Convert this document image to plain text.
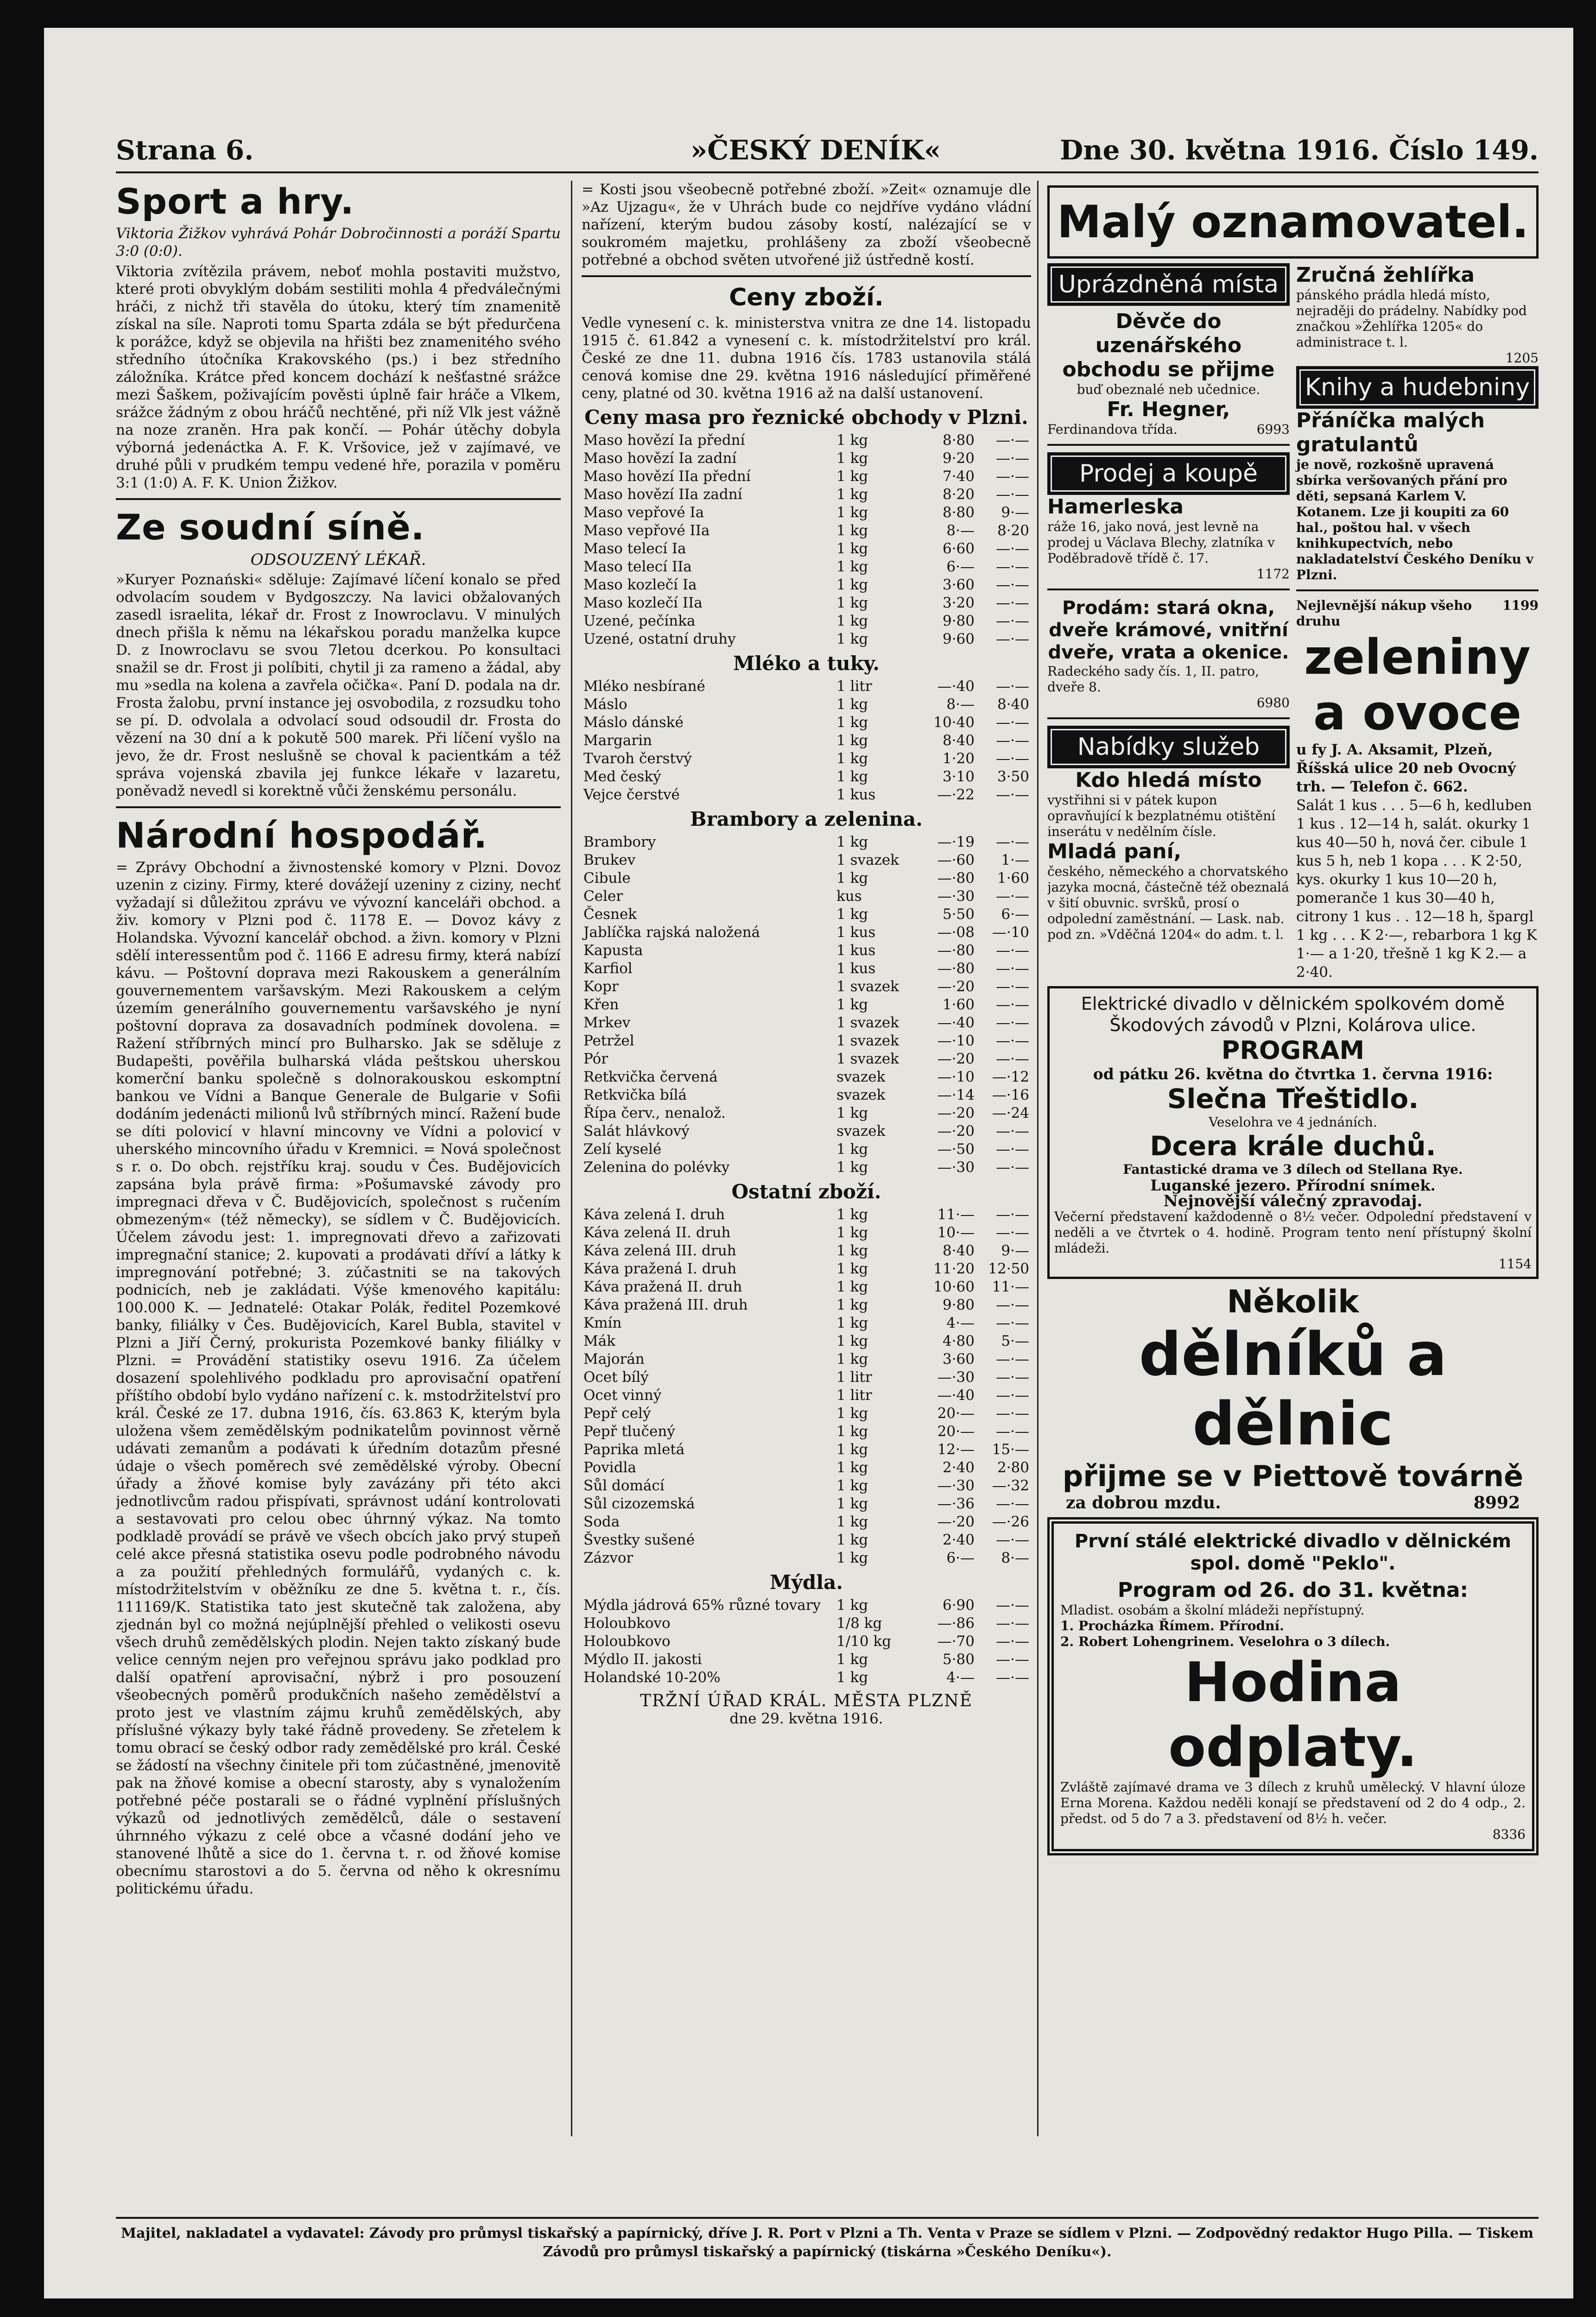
Strana 6.	»ČESKÝ DENÍK«	Dne 30. května 1916. Číslo 149.
Sport a hry.

Viktoria Žižkov vyhrává Pohár Dobročinnosti a poráží Spartu 3:0 (0:0).

Viktoria zvítězila právem, neboť mohla postaviti mužstvo, které proti obvyklým dobám sestiliti mohla 4 předválečnými hráči, z nichž tři stavěla do útoku, který tím znamenitě získal na síle. Naproti tomu Sparta zdála se být předurčena k porážce, když se objevila na hřišti bez znamenitého svého středního útočníka Krakovského (ps.) i bez středního záložníka. Krátce před koncem dochází k nešťastné srážce mezi Šaškem, poživajícím pověsti úplně fair hráče a Vlkem, srážce žádným z obou hráčů nechtěné, při níž Vlk jest vážně na noze zraněn. Hra pak končí. — Pohár útěchy dobyla výborná jedenáctka A. F. K. Vršovice, jež v zajímavé, ve druhé půli v prudkém tempu vedené hře, porazila v poměru 3:1 (1:0) A. F. K. Union Žižkov.

Ze soudní síně.
ODSOUZENÝ LÉKAŘ.

»Kuryer Poznański« sděluje: Zajímavé líčení konalo se před odvolacím soudem v Bydgoszczy. Na lavici obžalovaných zasedl israelita, lékař dr. Frost z Inowroclavu. V minulých dnech přišla k němu na lékařskou poradu manželka kupce D. z Inowroclavu se svou 7letou dcerkou. Po konsultaci snažil se dr. Frost ji políbiti, chytil ji za rameno a žádal, aby mu »sedla na kolena a zavřela očička«. Paní D. podala na dr. Frosta žalobu, první instance jej osvobodila, z rozsudku toho se pí. D. odvolala a odvolací soud odsoudil dr. Frosta do vězení na 30 dní a k pokutě 500 marek. Při líčení vyšlo na jevo, že dr. Frost neslušně se choval k pacientkám a též správa vojenská zbavila jej funkce lékaře v lazaretu, poněvadž nevedl si korektně vůči ženskému personálu.

Národní hospodář.

= Zprávy Obchodní a živnostenské komory v Plzni. Dovoz uzenin z ciziny. Firmy, které dovážejí uzeniny z ciziny, nechť vyžadají si důležitou zprávu ve vývozní kanceláři obchod. a živ. komory v Plzni pod č. 1178 E. — Dovoz kávy z Holandska. Vývozní kancelář obchod. a živn. komory v Plzni sdělí interessentům pod č. 1166 E adresu firmy, která nabízí kávu. — Poštovní doprava mezi Rakouskem a generálním gouvernementem varšavským. Mezi Rakouskem a celým územím generálního gouvernementu varšavského je nyní poštovní doprava za dosavadních podmínek dovolena. = Ražení stříbrných mincí pro Bulharsko. Jak se sděluje z Budapešti, pověřila bulharská vláda peštskou uherskou komerční banku společně s dolnorakouskou eskomptní bankou ve Vídni a Banque Generale de Bulgarie v Sofii dodáním jedenácti milionů lvů stříbrných mincí. Ražení bude se díti polovicí v hlavní mincovny ve Vídni a polovicí v uherského mincovního úřadu v Kremnici. = Nová společnost s r. o. Do obch. rejstříku kraj. soudu v Čes. Budějovicích zapsána byla právě firma: »Pošumavské závody pro impregnaci dřeva v Č. Budějovicích, společnost s ručením obmezeným« (též německy), se sídlem v Č. Budějovicích. Účelem závodu jest: 1. impregnovati dřevo a zařizovati impregnační stanice; 2. kupovati a prodávati dříví a látky k impregnování potřebné; 3. zúčastniti se na takových podnicích, neb je zakládati. Výše kmenového kapitálu: 100.000 K. — Jednatelé: Otakar Polák, ředitel Pozemkové banky, filiálky v Čes. Budějovicích, Karel Bubla, stavitel v Plzni a Jiří Černý, prokurista Pozemkové banky filiálky v Plzni. = Provádění statistiky osevu 1916. Za účelem dosazení spolehlivého podkladu pro aprovisační opatření příštího období bylo vydáno nařízení c. k. mstodržitelství pro král. České ze 17. dubna 1916, čís. 63.863 K, kterým byla uložena všem zemědělským podnikatelům povinnost věrně udávati zemanům a podávati k úředním dotazům přesné údaje o všech poměrech své zemědělské výroby. Obecní úřady a žňové komise byly zavázány při této akci jednotlivcům radou přispívati, správnost udání kontrolovati a sestavovati pro celou obec úhrnný výkaz. Na tomto podkladě provádí se právě ve všech obcích jako prvý stupeň celé akce přesná statistika osevu podle podrobného návodu a za použití přehledných formulářů, vydaných c. k. místodržitelstvím v oběžníku ze dne 5. května t. r., čís. 111169/K. Statistika tato jest skutečně tak založena, aby zjednán byl co možná nejúplnější přehled o velikosti osevu všech druhů zemědělských plodin. Nejen takto získaný bude velice cenným nejen pro veřejnou správu jako podklad pro další opatření aprovisační, nýbrž i pro posouzení všeobecných poměrů produkčních našeho zemědělství a proto jest ve vlastním zájmu kruhů zemědělských, aby příslušné výkazy byly také řádně provedeny. Se zřetelem k tomu obrací se český odbor rady zemědělské pro král. České se žádostí na všechny činitele při tom zúčastněné, jmenovitě pak na žňové komise a obecní starosty, aby s vynaložením potřebné péče postarali se o řádné vyplnění příslušných výkazů od jednotlivých zemědělců, dále o sestavení úhrnného výkazu z celé obce a včasné dodání jeho ve stanovené lhůtě a sice do 1. června t. r. od žňové komise obecnímu starostovi a do 5. června od něho k okresnímu politickému úřadu.

= Kosti jsou všeobecně potřebné zboží. »Zeit« oznamuje dle »Az Ujzagu«, že v Uhrách bude co nejdříve vydáno vládní nařízení, kterým budou zásoby kostí, nalézající se v soukromém majetku, prohlášeny za zboží všeobecně potřebné a obchod světen utvořené již ústředně kostí.

Ceny zboží.

Vedle vynesení c. k. ministerstva vnitra ze dne 14. listopadu 1915 č. 61.842 a vynesení c. k. místodržitelství pro král. České ze dne 11. dubna 1916 čís. 1783 ustanovila stálá cenová komise dne 29. května 1916 následující přiměřené ceny, platné od 30. května 1916 až na další ustanovení.

Ceny masa pro řeznické obchody v Plzni.
Maso hovězí Ia přední	1 kg	8·80	—·—
Maso hovězí Ia zadní	1 kg	9·20	—·—
Maso hovězí IIa přední	1 kg	7·40	—·—
Maso hovězí IIa zadní	1 kg	8·20	—·—
Maso vepřové Ia	1 kg	8·80	9·—
Maso vepřové IIa	1 kg	8·—	8·20
Maso telecí Ia	1 kg	6·60	—·—
Maso telecí IIa	1 kg	6·—	—·—
Maso kozlečí Ia	1 kg	3·60	—·—
Maso kozlečí IIa	1 kg	3·20	—·—
Uzené, pečínka	1 kg	9·80	—·—
Uzené, ostatní druhy	1 kg	9·60	—·—
Mléko a tuky.
Mléko nesbírané	1 litr	—·40	—·—
Máslo	1 kg	8·—	8·40
Máslo dánské	1 kg	10·40	—·—
Margarin	1 kg	8·40	—·—
Tvaroh čerstvý	1 kg	1·20	—·—
Med český	1 kg	3·10	3·50
Vejce čerstvé	1 kus	—·22	—·—
Brambory a zelenina.
Brambory	1 kg	—·19	—·—
Brukev	1 svazek	—·60	1·—
Cibule	1 kg	—·80	1·60
Celer	kus	—·30	—·—
Česnek	1 kg	5·50	6·—
Jablíčka rajská naložená	1 kus	—·08	—·10
Kapusta	1 kus	—·80	—·—
Karfiol	1 kus	—·80	—·—
Kopr	1 svazek	—·20	—·—
Křen	1 kg	1·60	—·—
Mrkev	1 svazek	—·40	—·—
Petržel	1 svazek	—·10	—·—
Pór	1 svazek	—·20	—·—
Retkvička červená	svazek	—·10	—·12
Retkvička bílá	svazek	—·14	—·16
Řípa červ., nenalož.	1 kg	—·20	—·24
Salát hlávkový	svazek	—·20	—·—
Zelí kyselé	1 kg	—·50	—·—
Zelenina do polévky	1 kg	—·30	—·—
Ostatní zboží.
Káva zelená I. druh	1 kg	11·—	—·—
Káva zelená II. druh	1 kg	10·—	—·—
Káva zelená III. druh	1 kg	8·40	9·—
Káva pražená I. druh	1 kg	11·20	12·50
Káva pražená II. druh	1 kg	10·60	11·—
Káva pražená III. druh	1 kg	9·80	—·—
Kmín	1 kg	4·—	—·—
Mák	1 kg	4·80	5·—
Majorán	1 kg	3·60	—·—
Ocet bílý	1 litr	—·30	—·—
Ocet vinný	1 litr	—·40	—·—
Pepř celý	1 kg	20·—	—·—
Pepř tlučený	1 kg	20·—	—·—
Paprika mletá	1 kg	12·—	15·—
Povidla	1 kg	2·40	2·80
Sůl domácí	1 kg	—·30	—·32
Sůl cizozemská	1 kg	—·36	—·—
Soda	1 kg	—·20	—·26
Švestky sušené	1 kg	2·40	—·—
Zázvor	1 kg	6·—	8·—
Mýdla.
Mýdla jádrová 65% různé tovary	1 kg	6·90	—·—
Holoubkovo	1/8 kg	—·86	—·—
Holoubkovo	1/10 kg	—·70	—·—
Mýdlo II. jakosti	1 kg	5·80	—·—
Holandské 10-20%	1 kg	4·—	—·—
TRŽNÍ ÚŘAD KRÁL. MĚSTA PLZNĚ
dne 29. května 1916.
Malý oznamovatel.
Uprázdněná místa
Děvče do uzenářského obchodu se přijme
buď obeznalé neb učednice.
Fr. Hegner,
Ferdinandova třída.	6993
Prodej a koupě
Hamerleska
ráže 16, jako nová, jest levně na prodej u Václava Blechy, zlatníka v Poděbradově třídě č. 17.
1172
Prodám: stará okna, dveře krámové, vnitřní dveře, vrata a okenice.
Radeckého sady čís. 1, II. patro, dveře 8.
6980
Nabídky služeb
Kdo hledá místo
vystřihni si v pátek kupon opravňující k bezplatnému otištění inserátu v nedělním čísle.
Mladá paní,
českého, německého a chorvatského jazyka mocná, částečně též obeznalá v šití obuvnic. svršků, prosí o odpolední zaměstnání. — Lask. nab. pod zn. »Vděčná 1204« do adm. t. l.
Zručná žehlířka
pánského prádla hledá místo, nejraději do prádelny. Nabídky pod značkou »Žehlířka 1205« do administrace t. l.
1205
Knihy a hudebniny
Přáníčka malých gratulantů
je nově, rozkošně upravená sbírka veršovaných přání pro děti, sepsaná Karlem V. Kotanem. Lze ji koupiti za 60 hal., poštou hal. v všech knihkupectvích, nebo nakladatelství Českého Deníku v Plzni.
Nejlevnější nákup všeho druhu
1199
zeleniny
a ovoce
u fy J. A. Aksamit, Plzeň, Říšská ulice 20 neb Ovocný trh. — Telefon č. 662.
Salát 1 kus . . . 5—6 h, kedluben 1 kus . 12—14 h, salát. okurky 1 kus 40—50 h, nová čer. cibule 1 kus 5 h, neb 1 kopa . . . K 2·50, kys. okurky 1 kus 10—20 h, pomeranče 1 kus 30—40 h, citrony 1 kus . . 12—18 h, špargl 1 kg . . . K 2·—, rebarbora 1 kg K 1·— a 1·20, třešně 1 kg K 2.— a 2·40.
Elektrické divadlo v dělnickém spolkovém domě Škodových závodů v Plzni, Kolárova ulice.
PROGRAM
od pátku 26. května do čtvrtka 1. června 1916:
Slečna Třeštidlo.
Veselohra ve 4 jednáních.
Dcera krále duchů.
Fantastické drama ve 3 dílech od Stellana Rye.
Luganské jezero. Přírodní snímek.
Nejnovější válečný zpravodaj.
Večerní představení každodenně o 8½ večer. Odpolední představení v neděli a ve čtvrtek o 4. hodině. Program tento není přístupný školní mládeži.
1154
Několik
dělníků a dělnic
přijme se v Piettově továrně
za dobrou mzdu.	8992
První stálé elektrické divadlo v dělnickém spol. domě "Peklo".
Program od 26. do 31. května:
Mladist. osobám a školní mládeži nepřístupný.
1. Procházka Římem. Přírodní.
2. Robert Lohengrinem. Veselohra o 3 dílech.
Hodina odplaty.
Zvláště zajímavé drama ve 3 dílech z kruhů umělecký. V hlavní úloze Erna Morena. Každou neděli konají se představení od 2 do 4 odp., 2. předst. od 5 do 7 a 3. představení od 8½ h. večer.
8336
Majitel, nakladatel a vydavatel: Závody pro průmysl tiskařský a papírnický, dříve J. R. Port v Plzni a Th. Venta v Praze se sídlem v Plzni. — Zodpovědný redaktor Hugo Pilla. — Tiskem Závodů pro průmysl tiskařský a papírnický (tiskárna »Českého Deníku«).
